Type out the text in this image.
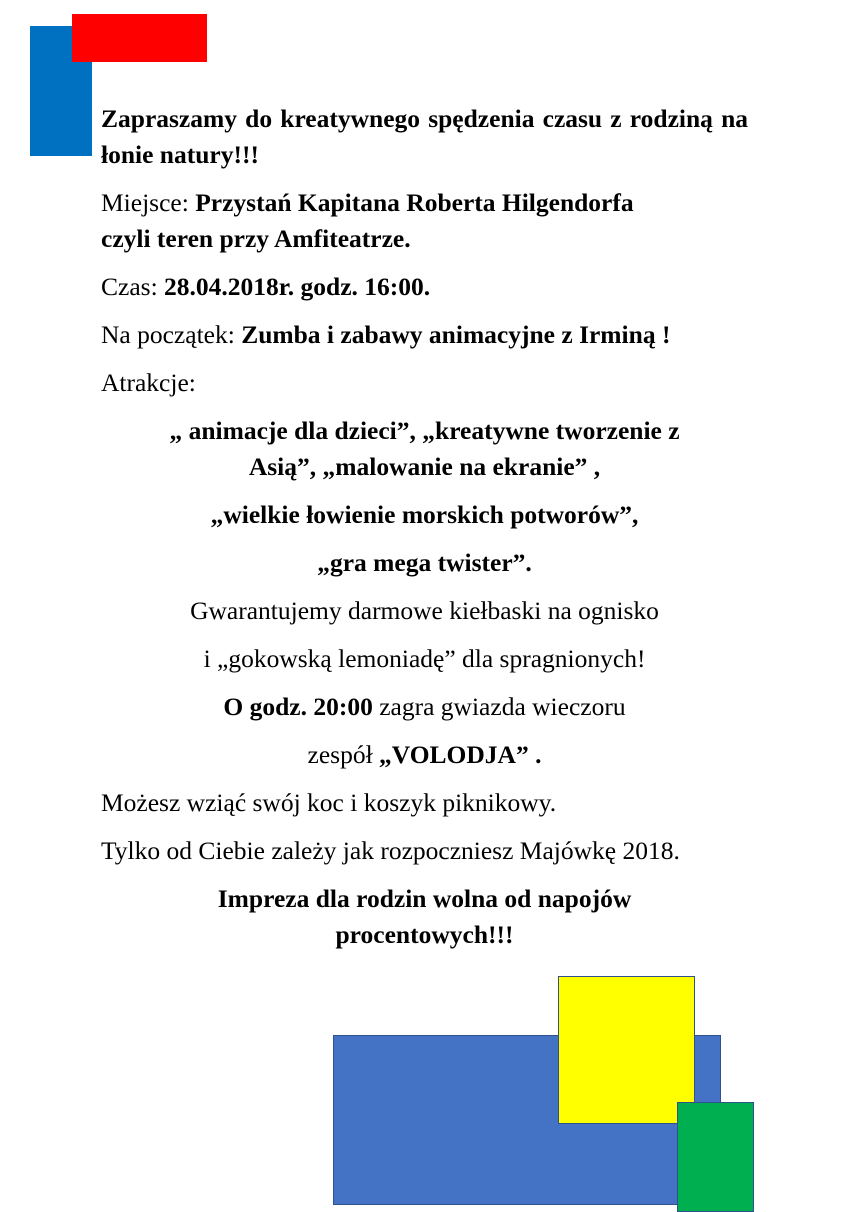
Zapraszamy do kreatywnego spędzenia czasu z rodziną na łonie natury!!!

Miejsce: Przystań Kapitana Roberta Hilgendorfa

czyli teren przy Amfiteatrze.

Czas: 28.04.2018r. godz. 16:00.

Na początek: Zumba i zabawy animacyjne z Irminą !

Atrakcje:

„ animacje dla dzieci”, „kreatywne tworzenie z

Asią”, „malowanie na ekranie” ,

„wielkie łowienie morskich potworów”,

„gra mega twister”.

Gwarantujemy darmowe kiełbaski na ognisko

i „gokowską lemoniadę” dla spragnionych!

O godz. 20:00 zagra gwiazda wieczoru

zespół „VOLODJA” .

Możesz wziąć swój koc i koszyk piknikowy.

Tylko od Ciebie zależy jak rozpoczniesz Majówkę 2018.

Impreza dla rodzin wolna od napojów

procentowych!!!
